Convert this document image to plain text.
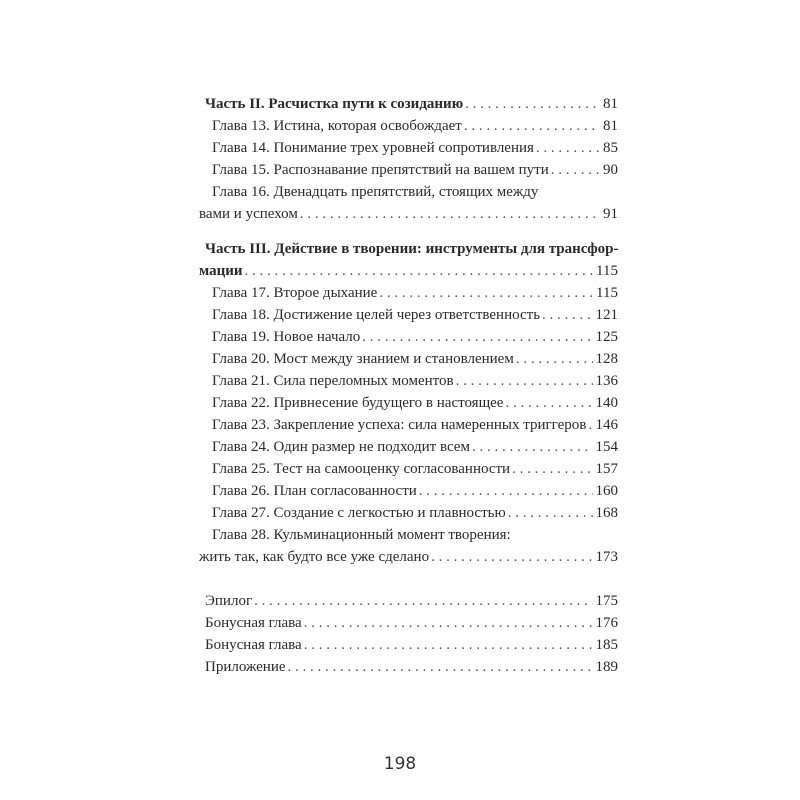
Часть II. Расчистка пути к созиданию . . .	81
Глава 13. Истина, которая освобождает . . .	81
Глава 14. Понимание трех уровней сопротивления . . .	85
Глава 15. Распознавание препятствий на вашем пути . . .	90
Глава 16. Двенадцать препятствий, стоящих между
вами и успехом . . .	91
Часть III. Действие в творении: инструменты для трансфор-
мации . . .	115
Глава 17. Второе дыхание . . .	115
Глава 18. Достижение целей через ответственность . . .	121
Глава 19. Новое начало . . .	125
Глава 20. Мост между знанием и становлением . . .	128
Глава 21. Сила переломных моментов . . .	136
Глава 22. Привнесение будущего в настоящее . . .	140
Глава 23. Закрепление успеха: сила намеренных триггеров . . . 146
Глава 24. Один размер не подходит всем . . .	154
Глава 25. Тест на самооценку согласованности . . .	157
Глава 26. План согласованности . . .	160
Глава 27. Создание с легкостью и плавностью . . .	168
Глава 28. Кульминационный момент творения:
жить так, как будто все уже сделано . . .	173
Эпилог . . .	175
Бонусная глава . . .	176
Бонусная глава . . .	185
Приложение . . .	189
198
